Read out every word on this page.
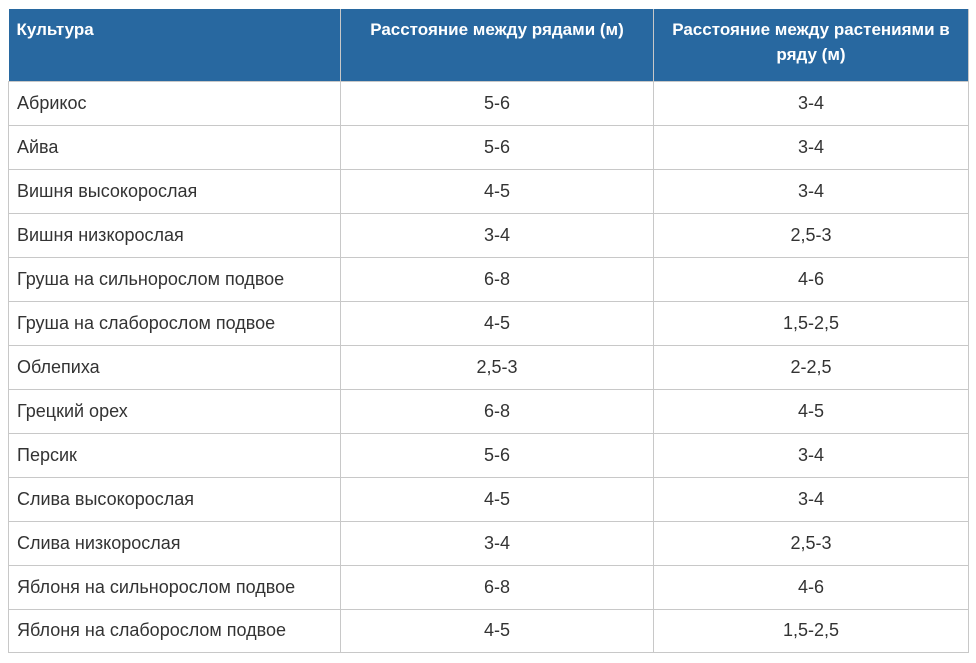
Культура	Расстояние между рядами (м)	Расстояние между растениями в ряду (м)
Абрикос	5-6	3-4
Айва	5-6	3-4
Вишня высокорослая	4-5	3-4
Вишня низкорослая	3-4	2,5-3
Груша на сильнорослом подвое	6-8	4-6
Груша на слаборослом подвое	4-5	1,5-2,5
Облепиха	2,5-3	2-2,5
Грецкий орех	6-8	4-5
Персик	5-6	3-4
Слива высокорослая	4-5	3-4
Слива низкорослая	3-4	2,5-3
Яблоня на сильнорослом подвое	6-8	4-6
Яблоня на слаборослом подвое	4-5	1,5-2,5
